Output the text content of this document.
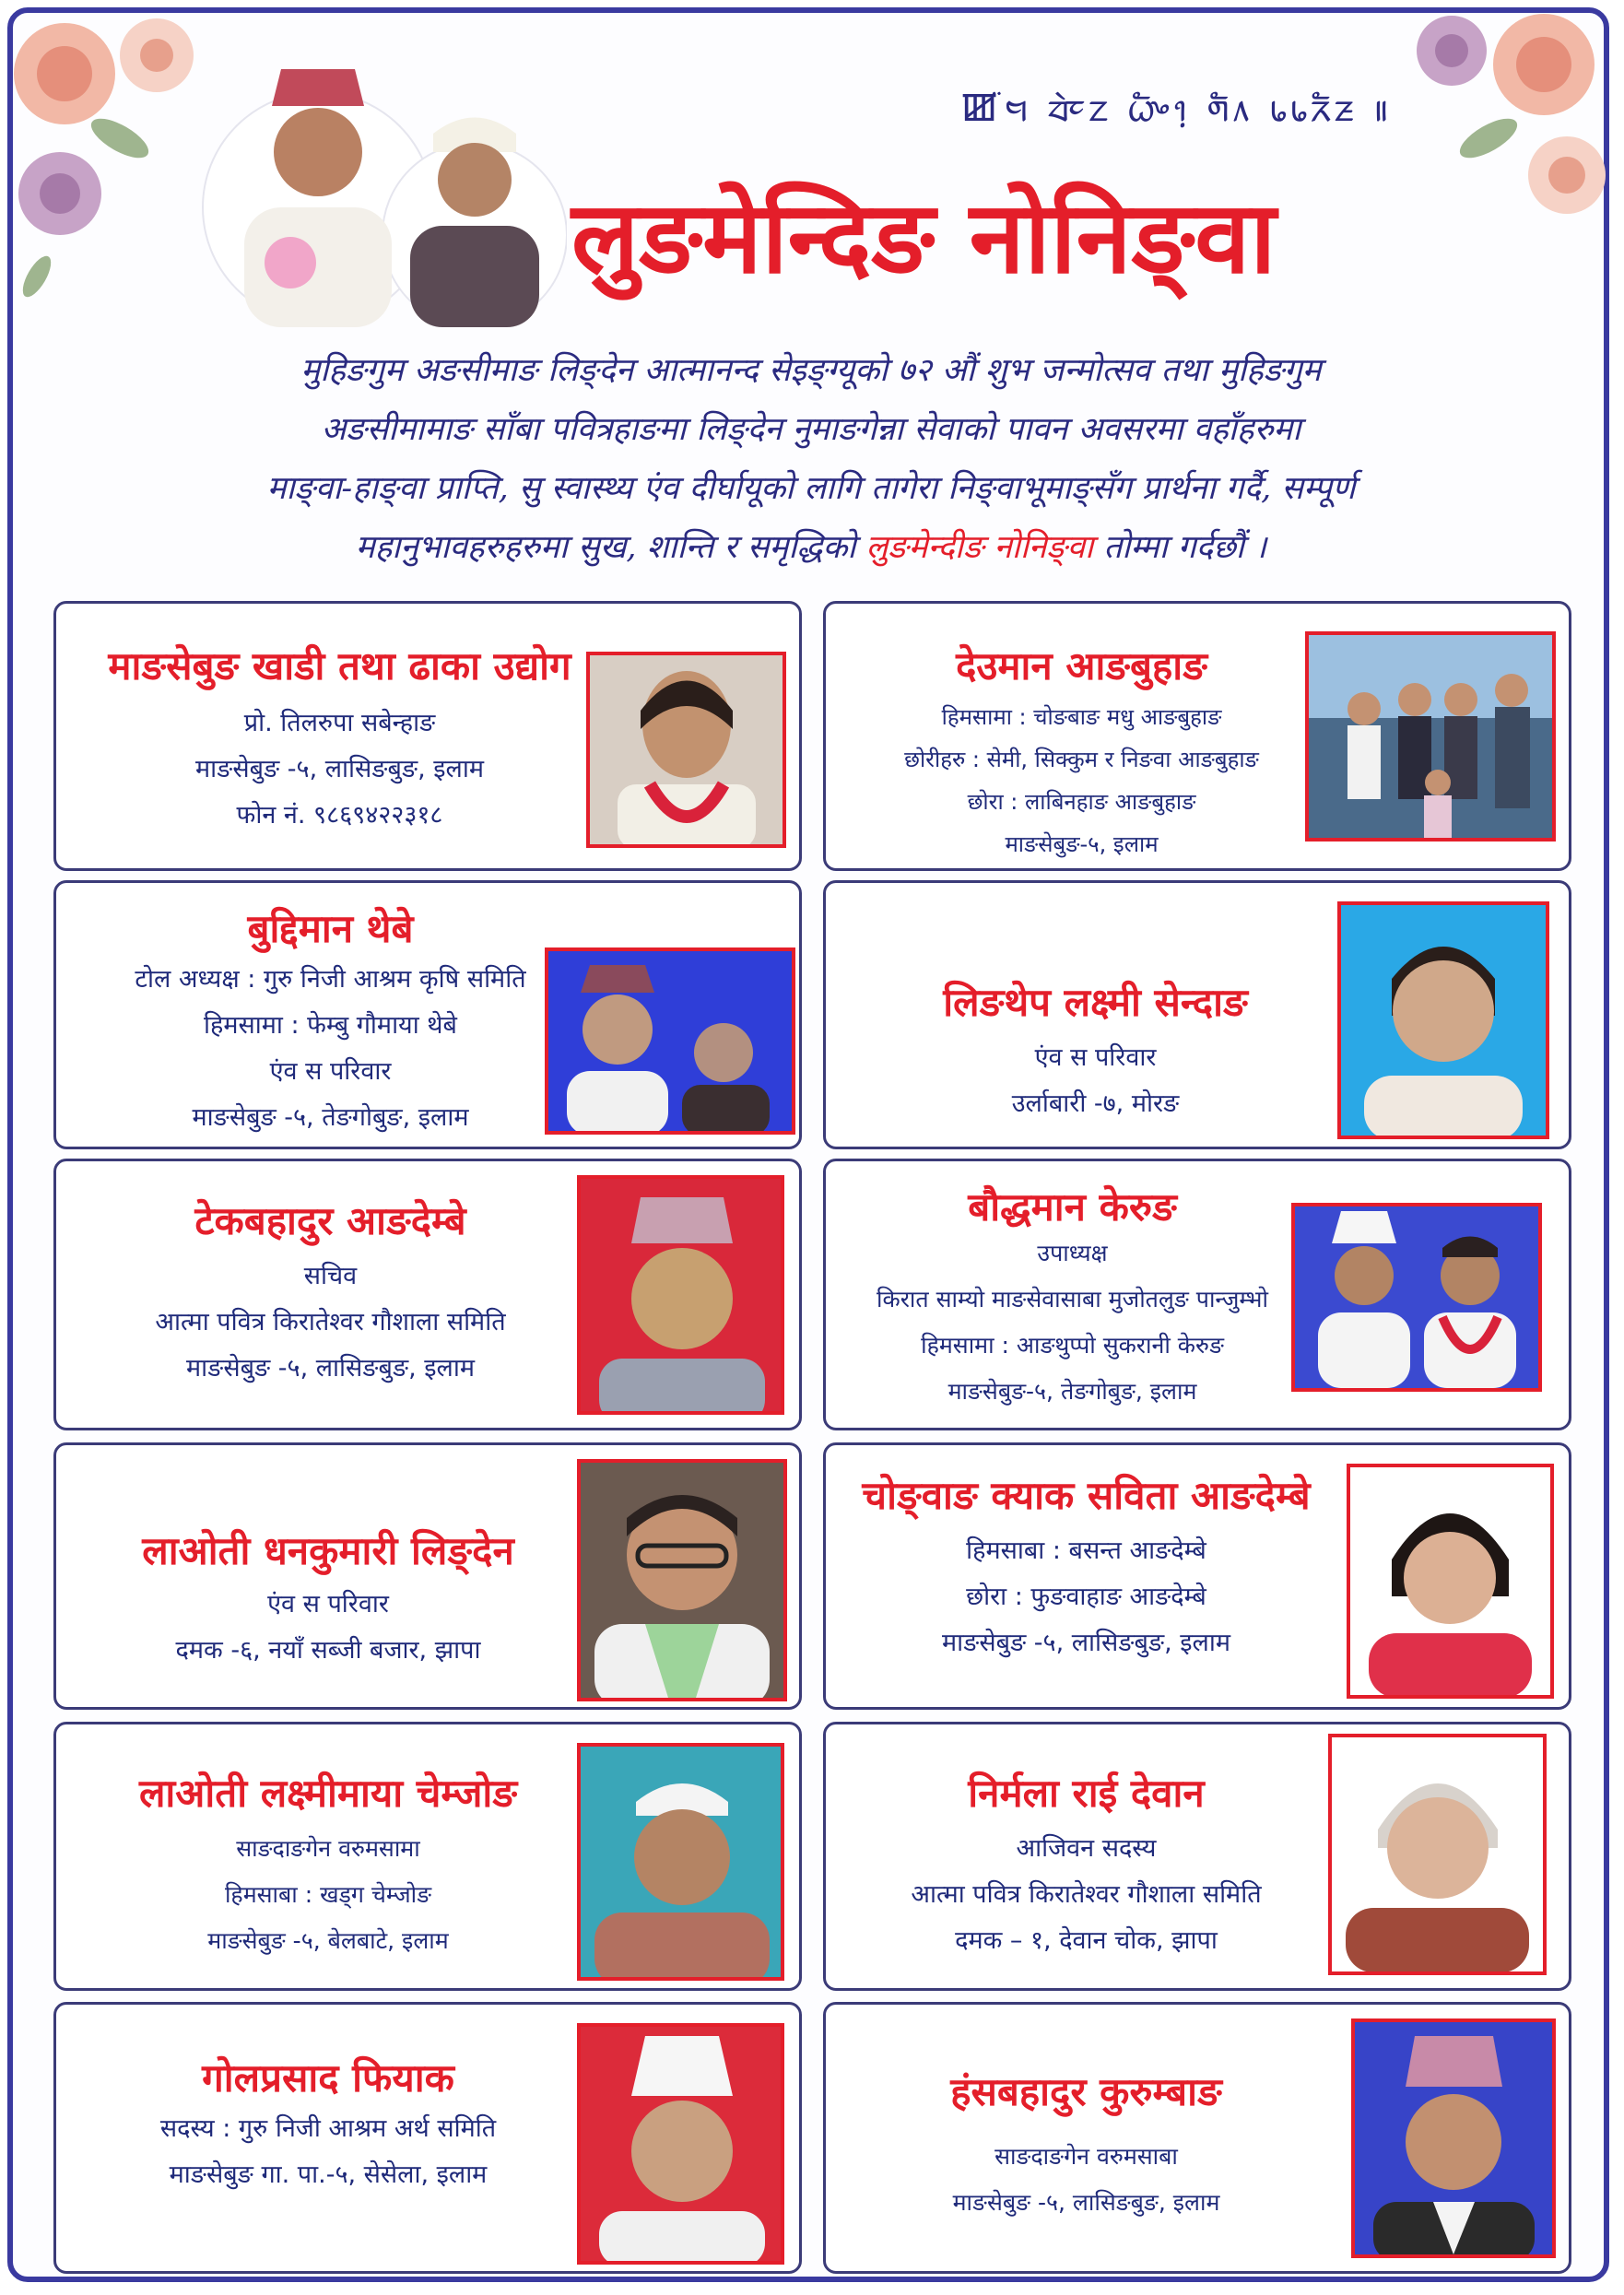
ꯀ᤺ᤗ ᤔᤧᤰᤁ ᤐᤠᤴ᥄ ᤛᤠ᥈ ᥇᥇ᤖᤠᤏ ॥
लुङमेन्दिङ नोनिङ्वा
मुहिङगुम अङसीमाङ लिङ्देन आत्मानन्द सेइङ्ग्यूको ७२ औं शुभ जन्मोत्सव तथा मुहिङगुम
अङसीमामाङ साँबा पवित्रहाङमा लिङ्देन नुमाङगेन्ना सेवाको पावन अवसरमा वहाँहरुमा
माङ्वा-हाङ्वा प्राप्ति, सु स्वास्थ्य एंव दीर्घायूको लागि तागेरा निङ्वाभूमाङ्सँग प्रार्थना गर्दै, सम्पूर्ण
महानुभावहरुहरुमा सुख, शान्ति र समृद्धिको लुङमेन्दीङ नोनिङ्वा तोम्मा गर्दछौं ।
माङसेबुङ खाडी तथा ढाका उद्योग
प्रो. तिलरुपा सबेन्हाङ
माङसेबुङ -५, लासिङबुङ, इलाम
फोन नं. ९८६९४२२३१८
बुद्दिमान थेबे
टोल अध्यक्ष : गुरु निजी आश्रम कृषि समिति
हिमसामा : फेम्बु गौमाया थेबे
एंव स परिवार
माङसेबुङ -५, तेङगोबुङ, इलाम
टेकबहादुर आङदेम्बे
सचिव
आत्मा पवित्र किरातेश्वर गौशाला समिति
माङसेबुङ -५, लासिङबुङ, इलाम
लाओती धनकुमारी लिङ्देन
एंव स परिवार
दमक -६, नयाँ सब्जी बजार, झापा
लाओती लक्ष्मीमाया चेम्जोङ
साङदाङगेन वरुमसामा
हिमसाबा : खड्ग चेम्जोङ
माङसेबुङ -५, बेलबाटे, इलाम
गोलप्रसाद फियाक
सदस्य : गुरु निजी आश्रम अर्थ समिति
माङसेबुङ गा. पा.-५, सेसेला, इलाम
देउमान आङबुहाङ
हिमसामा : चोङबाङ मधु आङबुहाङ
छोरीहरु : सेमी, सिक्कुम र निङवा आङबुहाङ
छोरा : लाबिनहाङ आङबुहाङ
माङसेबुङ-५, इलाम
लिङथेप लक्ष्मी सेन्दाङ
एंव स परिवार
उर्लाबारी -७, मोरङ
बौद्धमान केरुङ
उपाध्यक्ष
किरात साम्यो माङसेवासाबा मुजोतलुङ पान्जुम्भो
हिमसामा : आङथुप्पो सुकरानी केरुङ
माङसेबुङ-५, तेङगोबुङ, इलाम
चोङ्वाङ क्याक सविता आङदेम्बे
हिमसाबा : बसन्त आङदेम्बे
छोरा : फुङवाहाङ आङदेम्बे
माङसेबुङ -५, लासिङबुङ, इलाम
निर्मला राई देवान
आजिवन सदस्य
आत्मा पवित्र किरातेश्वर गौशाला समिति
दमक – १, देवान चोक, झापा
हंसबहादुर कुरुम्बाङ
साङदाङगेन वरुमसाबा
माङसेबुङ -५, लासिङबुङ, इलाम
